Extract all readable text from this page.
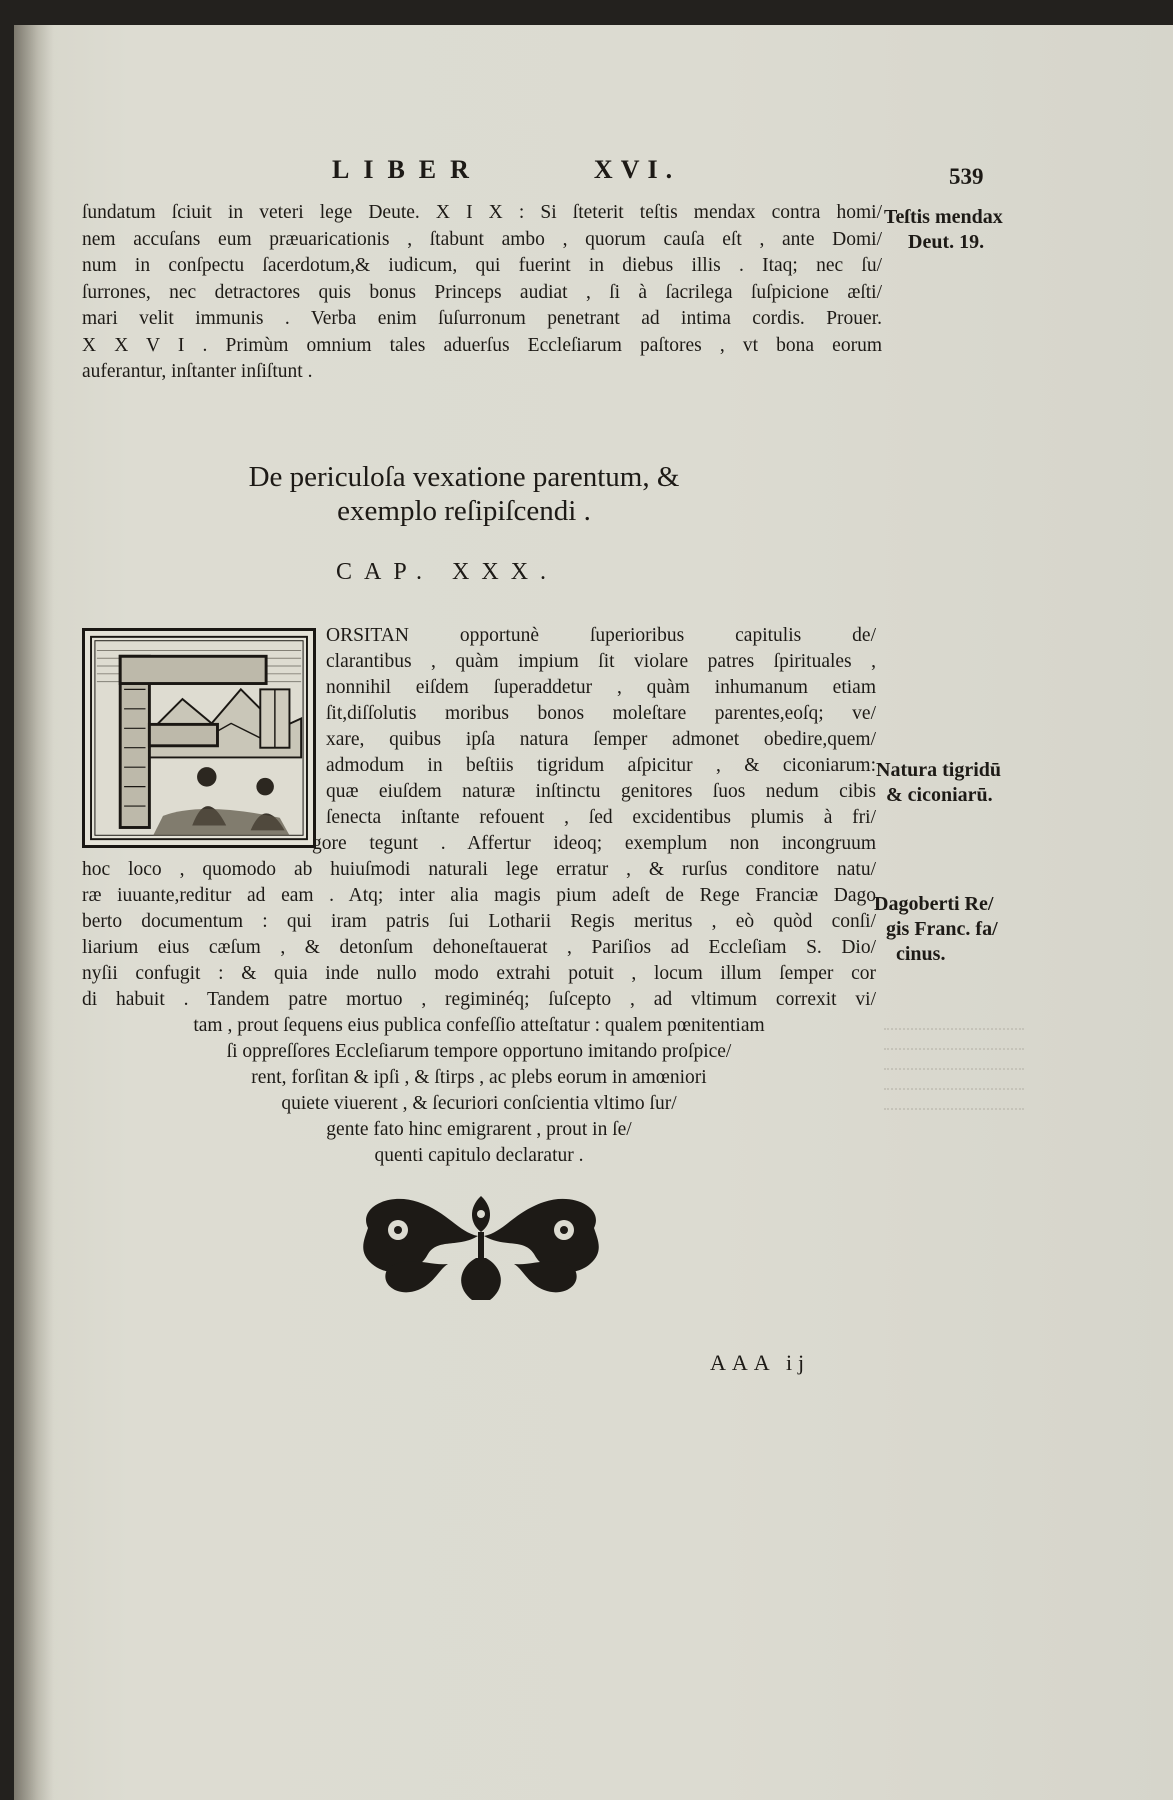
LIBER	XVI.	539
ſundatum ſciuit in veteri lege Deute. X I X : Si ſteterit teſtis mendax contra homi/
nem accuſans eum præuaricationis , ſtabunt ambo , quorum cauſa eſt , ante Domi/
num in conſpectu ſacerdotum,& iudicum, qui fuerint in diebus illis . Itaq; nec ſu/
ſurrones, nec detractores quis bonus Princeps audiat , ſi à ſacrilega ſuſpicione æſti/
mari velit immunis . Verba enim ſuſurronum penetrant ad intima cordis. Prouer.
X X V I . Primùm omnium tales aduerſus Eccleſiarum paſtores , vt bona eorum
auferantur, inſtanter inſiſtunt .
Teſtis mendax
Deut. 19.
De periculoſa vexatione parentum, &
exemplo reſipiſcendi .
CAP. XXX.
ORSITAN opportunè ſuperioribus capitulis de/
clarantibus , quàm impium ſit violare patres ſpirituales ,
nonnihil eiſdem ſuperaddetur , quàm inhumanum etiam
ſit,diſſolutis moribus bonos moleſtare parentes,eoſq; ve/
xare, quibus ipſa natura ſemper admonet obedire,quem/
admodum in beſtiis tigridum aſpicitur , & ciconiarum:
quæ eiuſdem naturæ inſtinctu genitores ſuos nedum cibis
ſenecta inſtante refouent , ſed excidentibus plumis à fri/
gore tegunt . Affertur ideoq; exemplum non incongruum
hoc loco , quomodo ab huiuſmodi naturali lege erratur , & rurſus conditore natu/
ræ iuuante,reditur ad eam . Atq; inter alia magis pium adeſt de Rege Franciæ Dago
berto documentum : qui iram patris ſui Lotharii Regis meritus , eò quòd conſi/
liarium eius cæſum , & detonſum dehoneſtauerat , Pariſios ad Eccleſiam S. Dio/
nyſii confugit : & quia inde nullo modo extrahi potuit , locum illum ſemper cor
di habuit . Tandem patre mortuo , regiminéq; ſuſcepto , ad vltimum correxit vi/
tam , prout ſequens eius publica confeſſio atteſtatur : qualem pœnitentiam
ſi oppreſſores Eccleſiarum tempore opportuno imitando proſpice/
rent, forſitan & ipſi , & ſtirps , ac plebs eorum in amœniori
quiete viuerent , & ſecuriori conſcientia vltimo ſur/
gente fato hinc emigrarent , prout in ſe/
quenti capitulo declaratur .
Natura tigridū
& ciconiarū.
Dagoberti Re/
gis Franc. fa/
cinus.
AAA ij
